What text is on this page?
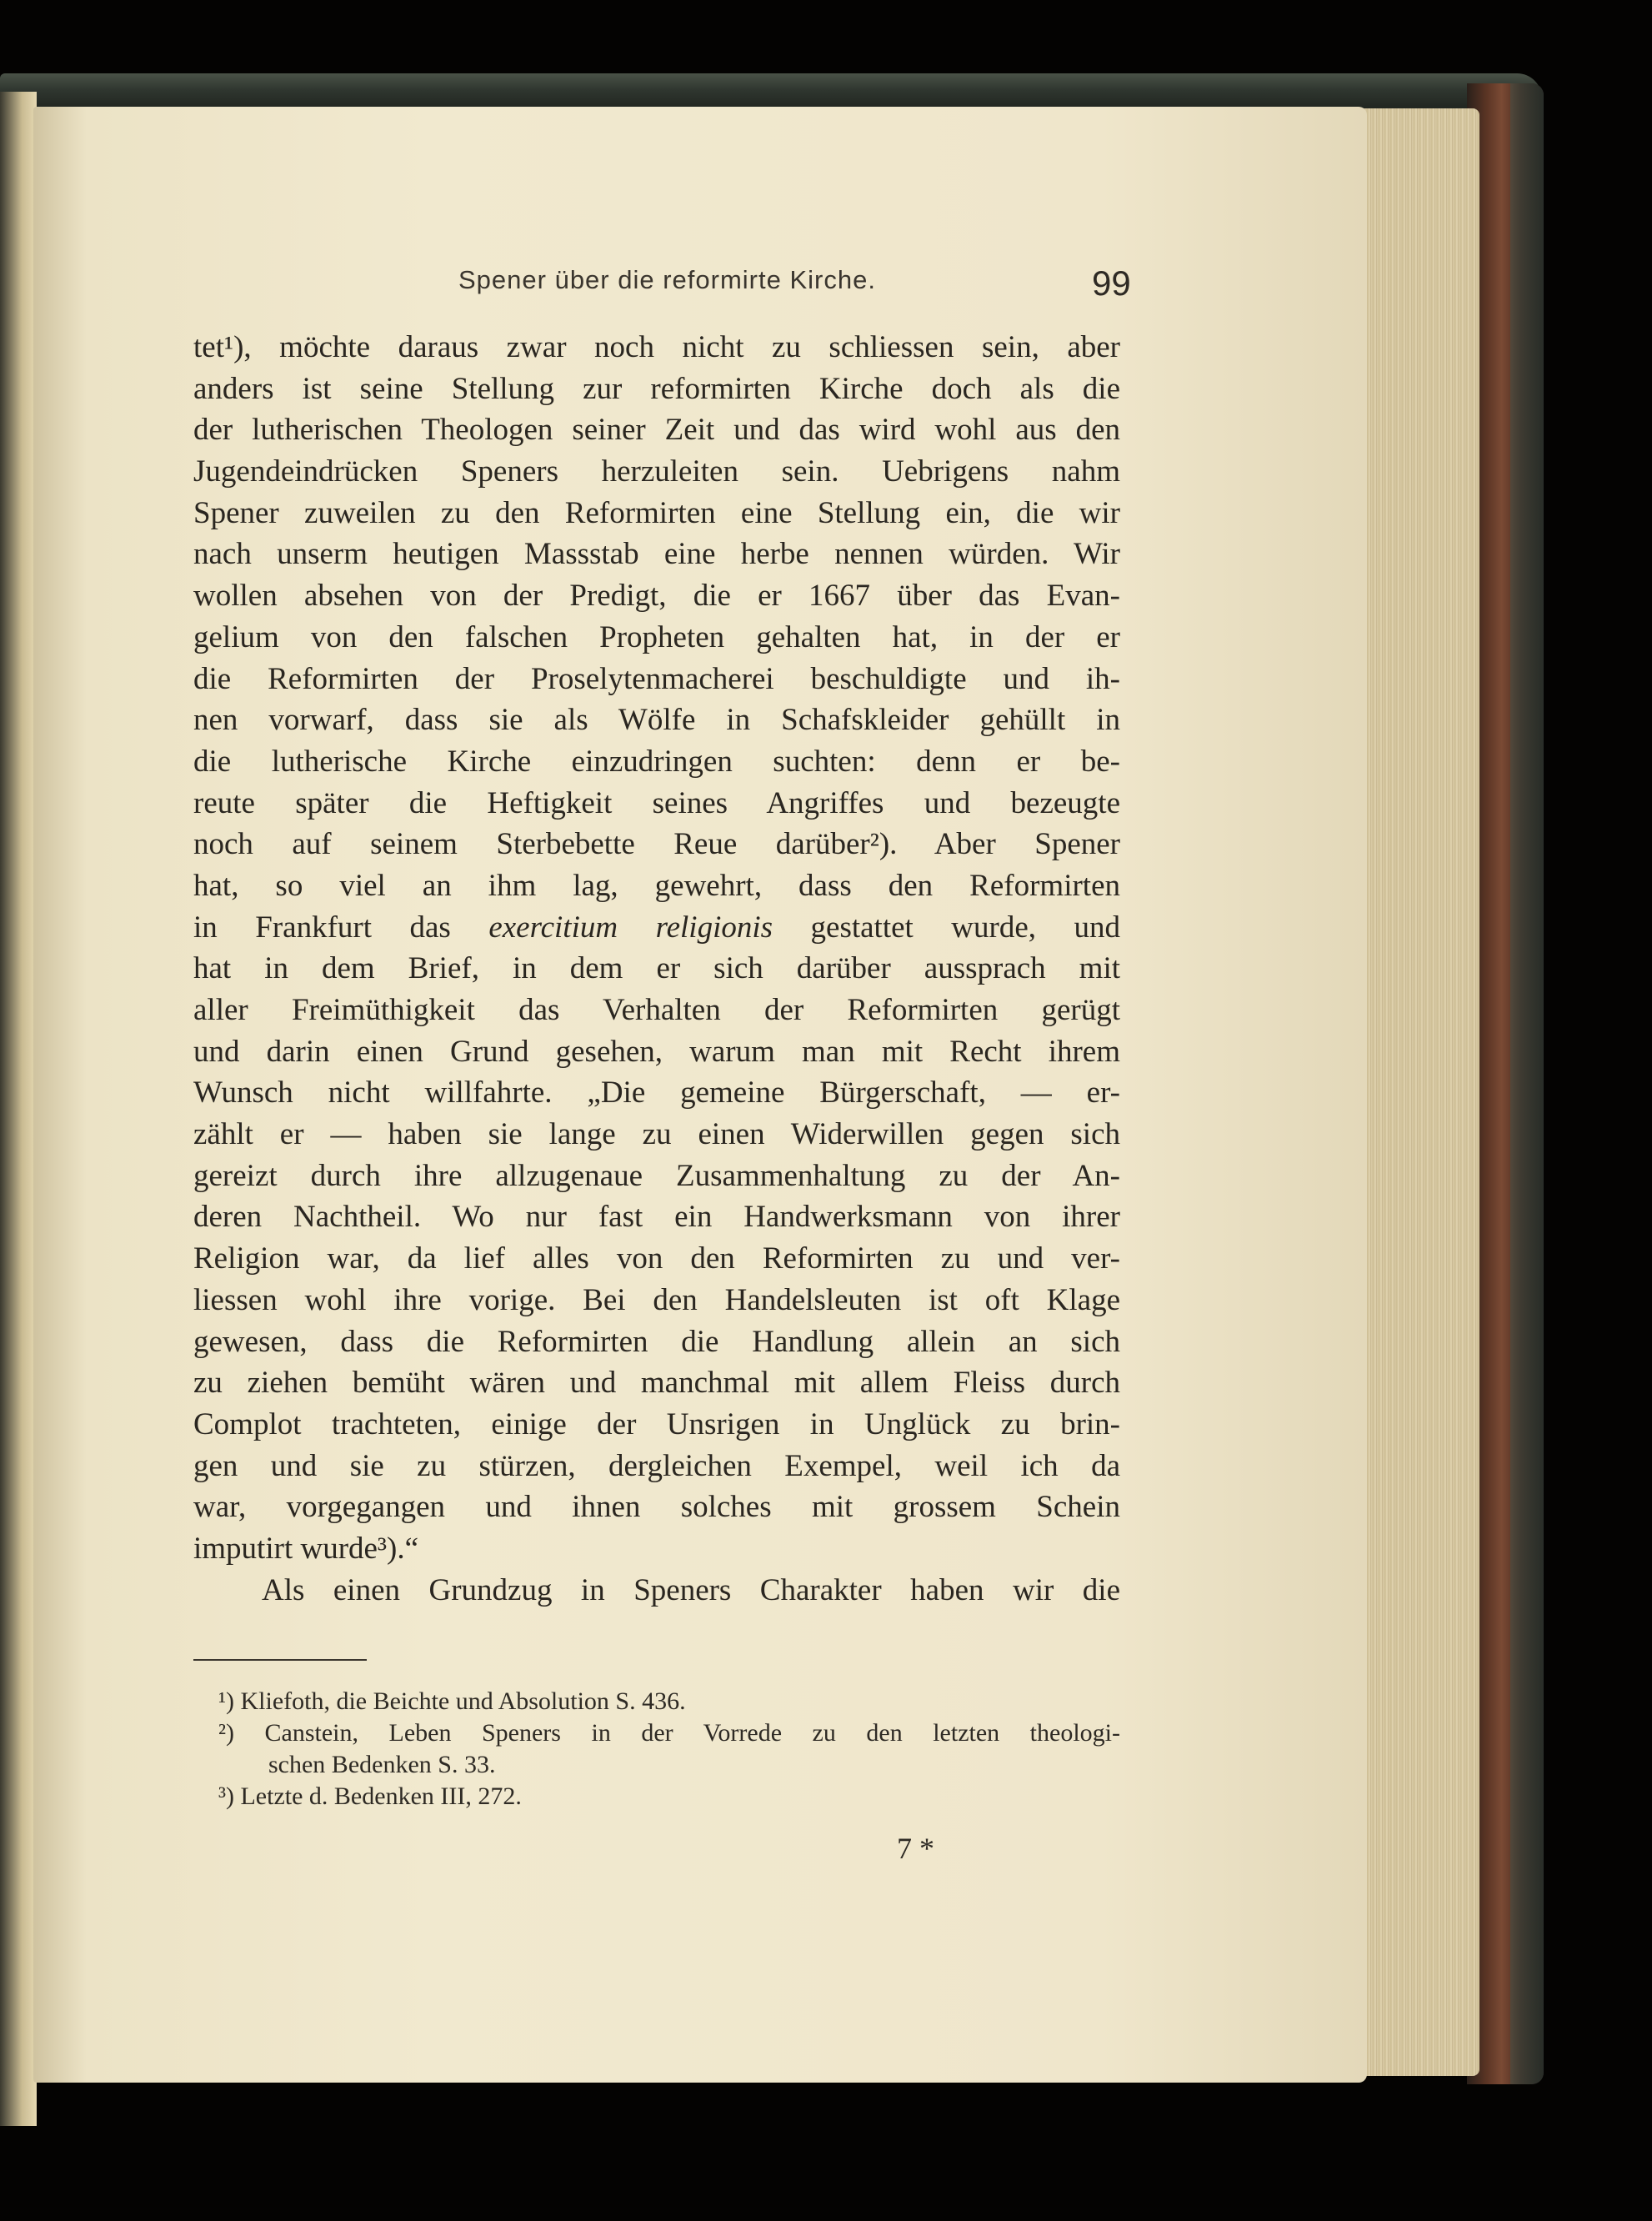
Spener über die reformirte Kirche.	99
tet¹), möchte daraus zwar noch nicht zu schliessen sein, aber
anders ist seine Stellung zur reformirten Kirche doch als die
der lutherischen Theologen seiner Zeit und das wird wohl aus den
Jugendeindrücken Speners herzuleiten sein. Uebrigens nahm
Spener zuweilen zu den Reformirten eine Stellung ein, die wir
nach unserm heutigen Massstab eine herbe nennen würden. Wir
wollen absehen von der Predigt, die er 1667 über das Evan-
gelium von den falschen Propheten gehalten hat, in der er
die Reformirten der Proselytenmacherei beschuldigte und ih-
nen vorwarf, dass sie als Wölfe in Schafskleider gehüllt in
die lutherische Kirche einzudringen suchten: denn er be-
reute später die Heftigkeit seines Angriffes und bezeugte
noch auf seinem Sterbebette Reue darüber²). Aber Spener
hat, so viel an ihm lag, gewehrt, dass den Reformirten
in Frankfurt das exercitium religionis gestattet wurde, und
hat in dem Brief, in dem er sich darüber aussprach mit
aller Freimüthigkeit das Verhalten der Reformirten gerügt
und darin einen Grund gesehen, warum man mit Recht ihrem
Wunsch nicht willfahrte. „Die gemeine Bürgerschaft, — er-
zählt er — haben sie lange zu einen Widerwillen gegen sich
gereizt durch ihre allzugenaue Zusammenhaltung zu der An-
deren Nachtheil. Wo nur fast ein Handwerksmann von ihrer
Religion war, da lief alles von den Reformirten zu und ver-
liessen wohl ihre vorige. Bei den Handelsleuten ist oft Klage
gewesen, dass die Reformirten die Handlung allein an sich
zu ziehen bemüht wären und manchmal mit allem Fleiss durch
Complot trachteten, einige der Unsrigen in Unglück zu brin-
gen und sie zu stürzen, dergleichen Exempel, weil ich da
war, vorgegangen und ihnen solches mit grossem Schein
imputirt wurde³).“
Als einen Grundzug in Speners Charakter haben wir die
¹) Kliefoth, die Beichte und Absolution S. 436.
²) Canstein, Leben Speners in der Vorrede zu den letzten theologi-
schen Bedenken S. 33.
³) Letzte d. Bedenken III, 272.
7 *
